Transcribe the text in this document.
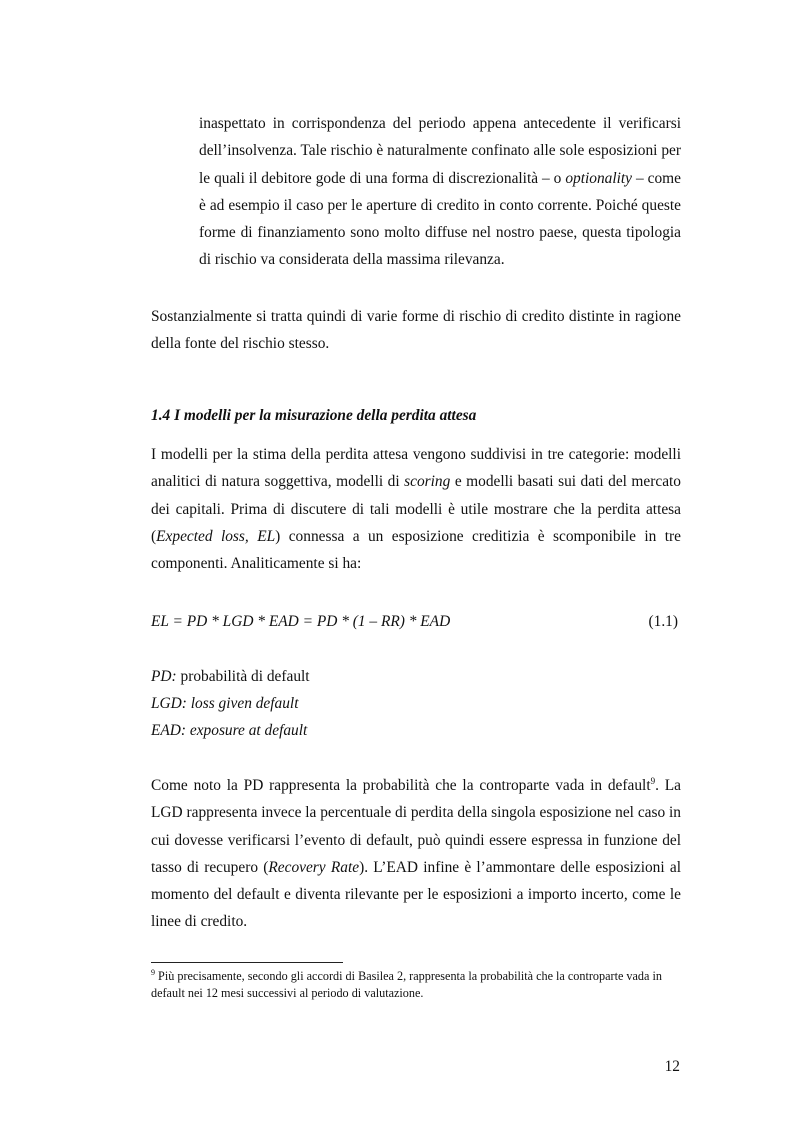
inaspettato in corrispondenza del periodo appena antecedente il verificarsi dell’insolvenza. Tale rischio è naturalmente confinato alle sole esposizioni per le quali il debitore gode di una forma di discrezionalità – o optionality – come è ad esempio il caso per le aperture di credito in conto corrente. Poiché queste forme di finanziamento sono molto diffuse nel nostro paese, questa tipologia di rischio va considerata della massima rilevanza.
Sostanzialmente si tratta quindi di varie forme di rischio di credito distinte in ragione della fonte del rischio stesso.
1.4 I modelli per la misurazione della perdita attesa
I modelli per la stima della perdita attesa vengono suddivisi in tre categorie: modelli analitici di natura soggettiva, modelli di scoring e modelli basati sui dati del mercato dei capitali. Prima di discutere di tali modelli è utile mostrare che la perdita attesa (Expected loss, EL) connessa a un esposizione creditizia è scomponibile in tre componenti. Analiticamente si ha:
EL = PD * LGD * EAD = PD * (1 – RR) * EAD	(1.1)
PD: probabilità di default
LGD: loss given default
EAD: exposure at default
Come noto la PD rappresenta la probabilità che la controparte vada in default$^9$. La LGD rappresenta invece la percentuale di perdita della singola esposizione nel caso in cui dovesse verificarsi l’evento di default, può quindi essere espressa in funzione del tasso di recupero (Recovery Rate). L’EAD infine è l’ammontare delle esposizioni al momento del default e diventa rilevante per le esposizioni a importo incerto, come le linee di credito.
$^9$ Più precisamente, secondo gli accordi di Basilea 2, rappresenta la probabilità che la controparte vada in default nei 12 mesi successivi al periodo di valutazione.
12
